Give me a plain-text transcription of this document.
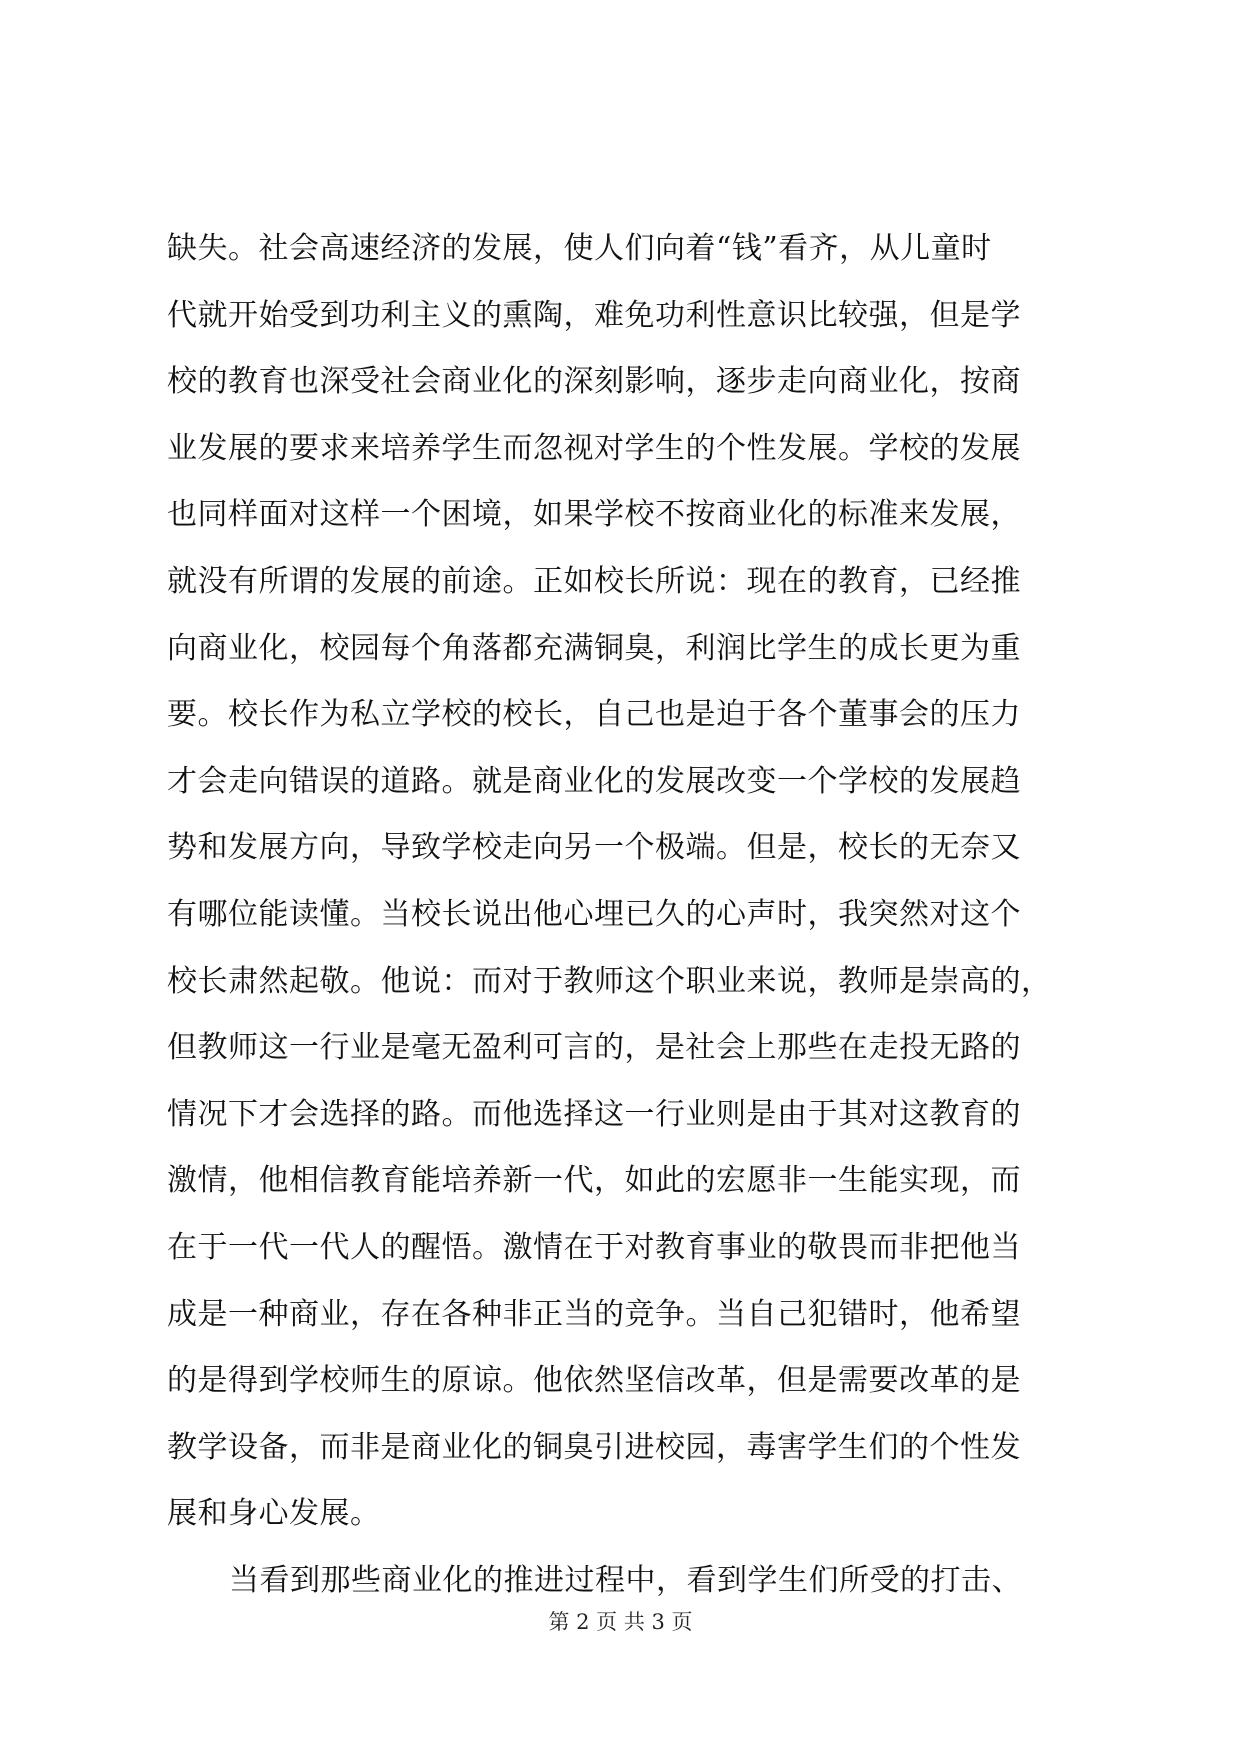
缺失。社会高速经济的发展，使人们向着“钱”看齐，从儿童时
代就开始受到功利主义的熏陶，难免功利性意识比较强，但是学
校的教育也深受社会商业化的深刻影响，逐步走向商业化，按商
业发展的要求来培养学生而忽视对学生的个性发展。学校的发展
也同样面对这样一个困境，如果学校不按商业化的标准来发展，
就没有所谓的发展的前途。正如校长所说：现在的教育，已经推
向商业化，校园每个角落都充满铜臭，利润比学生的成长更为重
要。校长作为私立学校的校长，自己也是迫于各个董事会的压力
才会走向错误的道路。就是商业化的发展改变一个学校的发展趋
势和发展方向，导致学校走向另一个极端。但是，校长的无奈又
有哪位能读懂。当校长说出他心埋已久的心声时，我突然对这个
校长肃然起敬。他说：而对于教师这个职业来说，教师是崇高的，
但教师这一行业是毫无盈利可言的，是社会上那些在走投无路的
情况下才会选择的路。而他选择这一行业则是由于其对这教育的
激情，他相信教育能培养新一代，如此的宏愿非一生能实现，而
在于一代一代人的醒悟。激情在于对教育事业的敬畏而非把他当
成是一种商业，存在各种非正当的竞争。当自己犯错时，他希望
的是得到学校师生的原谅。他依然坚信改革，但是需要改革的是
教学设备，而非是商业化的铜臭引进校园，毒害学生们的个性发
展和身心发展。
当看到那些商业化的推进过程中，看到学生们所受的打击、
第 2 页 共 3 页
